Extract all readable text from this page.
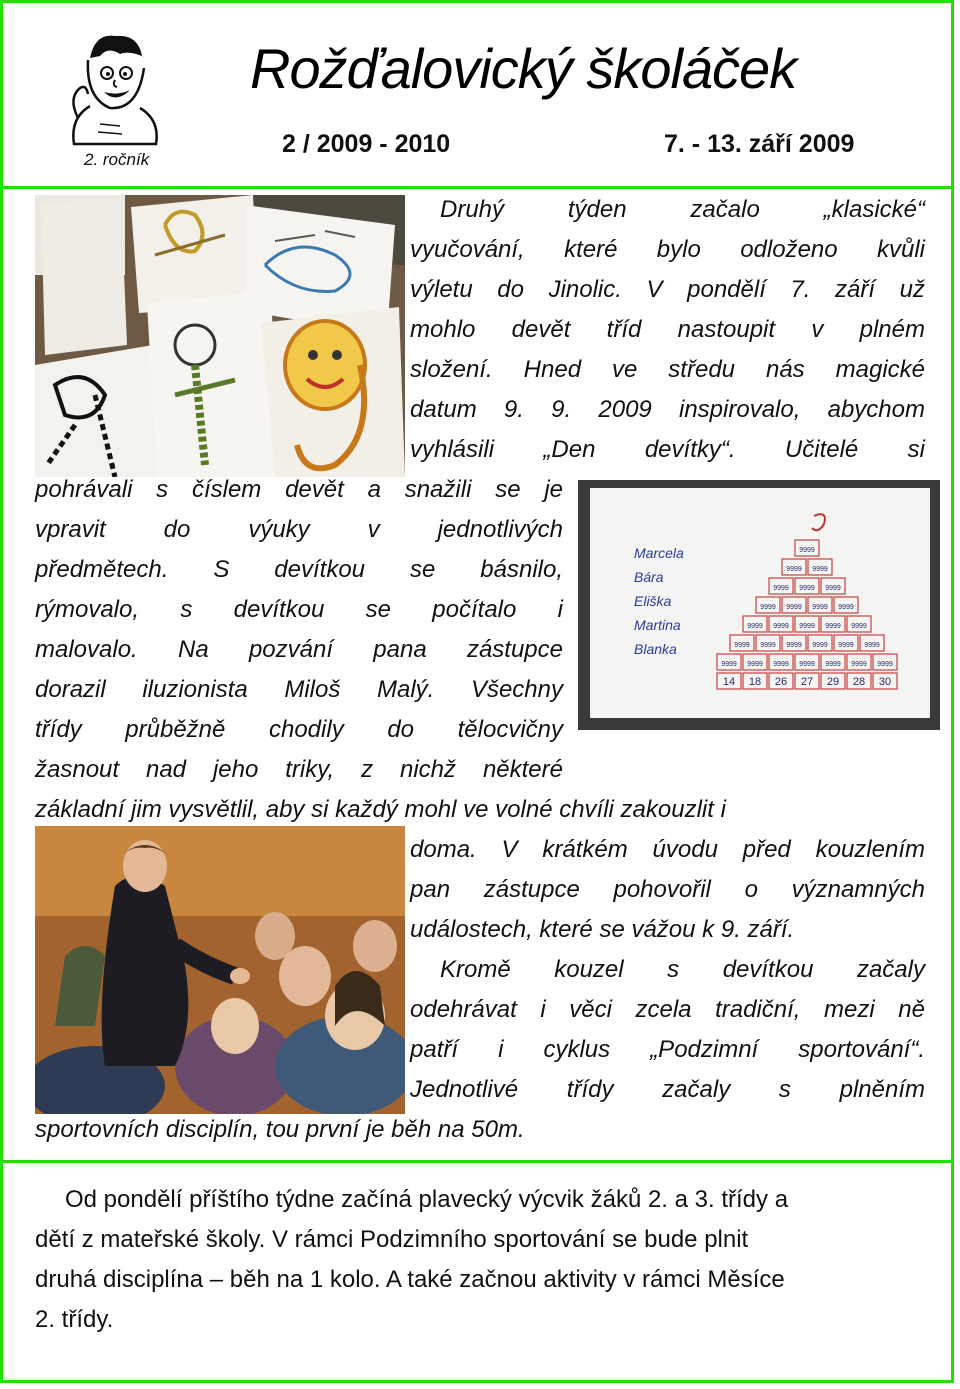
2. ročník
Rožďalovický školáček
2 / 2009 - 2010	7. - 13. září 2009
Marcela
Bára
Eliška
Martina
Blanka
9999
9999 9999
9999 9999 9999
9999 9999 9999 9999
9999 9999 9999 9999 9999
9999 9999 9999 9999 9999 9999
9999 9999 9999 9999 9999 9999 9999
14 18 26 27 29 28 30
Druhý týden začalo „klasické“
vyučování, které bylo odloženo kvůli
výletu do Jinolic. V pondělí 7. září už
mohlo devět tříd nastoupit v plném
složení. Hned ve středu nás magické
datum 9. 9. 2009 inspirovalo, abychom
vyhlásili „Den devítky“. Učitelé si
pohrávali s číslem devět a snažili se je
vpravit do výuky v jednotlivých
předmětech. S devítkou se básnilo,
rýmovalo, s devítkou se počítalo i
malovalo. Na pozvání pana zástupce
dorazil iluzionista Miloš Malý. Všechny
třídy průběžně chodily do tělocvičny
žasnout nad jeho triky, z nichž některé
základní jim vysvětlil, aby si každý mohl ve volné chvíli zakouzlit i
doma. V krátkém úvodu před kouzlením
pan zástupce pohovořil o významných
událostech, které se vážou k 9. září.
Kromě kouzel s devítkou začaly
odehrávat i věci zcela tradiční, mezi ně
patří i cyklus „Podzimní sportování“.
Jednotlivé třídy začaly s plněním
sportovních disciplín, tou první je běh na 50m.
Od pondělí příštího týdne začíná plavecký výcvik žáků 2. a 3. třídy a
dětí z mateřské školy. V rámci Podzimního sportování se bude plnit
druhá disciplína – běh na 1 kolo. A také začnou aktivity v rámci Měsíce
2. třídy.
